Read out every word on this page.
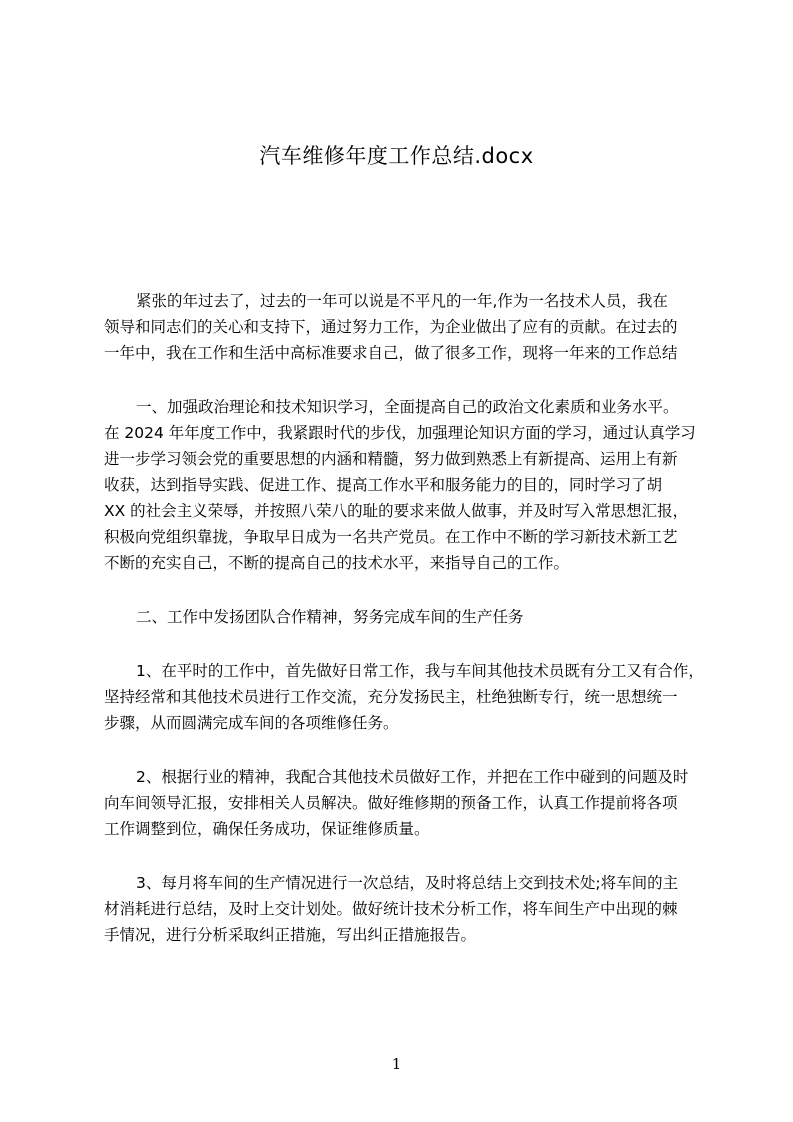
汽车维修年度工作总结.docx
紧张的年过去了，过去的一年可以说是不平凡的一年,作为一名技术人员，我在
领导和同志们的关心和支持下，通过努力工作，为企业做出了应有的贡献。在过去的
一年中，我在工作和生活中高标准要求自己，做了很多工作，现将一年来的工作总结
一、加强政治理论和技术知识学习，全面提高自己的政治文化素质和业务水平。
在 2024 年年度工作中，我紧跟时代的步伐，加强理论知识方面的学习，通过认真学习
进一步学习领会党的重要思想的内涵和精髓，努力做到熟悉上有新提高、运用上有新
收获，达到指导实践、促进工作、提高工作水平和服务能力的目的，同时学习了胡
XX 的社会主义荣辱，并按照八荣八的耻的要求来做人做事，并及时写入常思想汇报，
积极向党组织靠拢，争取早日成为一名共产党员。在工作中不断的学习新技术新工艺
不断的充实自己，不断的提高自己的技术水平，来指导自己的工作。
二、工作中发扬团队合作精神，努务完成车间的生产任务
1、在平时的工作中，首先做好日常工作，我与车间其他技术员既有分工又有合作，
坚持经常和其他技术员进行工作交流，充分发扬民主，杜绝独断专行，统一思想统一
步骤，从而圆满完成车间的各项维修任务。
2、根据行业的精神，我配合其他技术员做好工作，并把在工作中碰到的问题及时
向车间领导汇报，安排相关人员解决。做好维修期的预备工作，认真工作提前将各项
工作调整到位，确保任务成功，保证维修质量。
3、每月将车间的生产情况进行一次总结，及时将总结上交到技术处;将车间的主
材消耗进行总结，及时上交计划处。做好统计技术分析工作，将车间生产中出现的棘
手情况，进行分析采取纠正措施，写出纠正措施报告。
1
